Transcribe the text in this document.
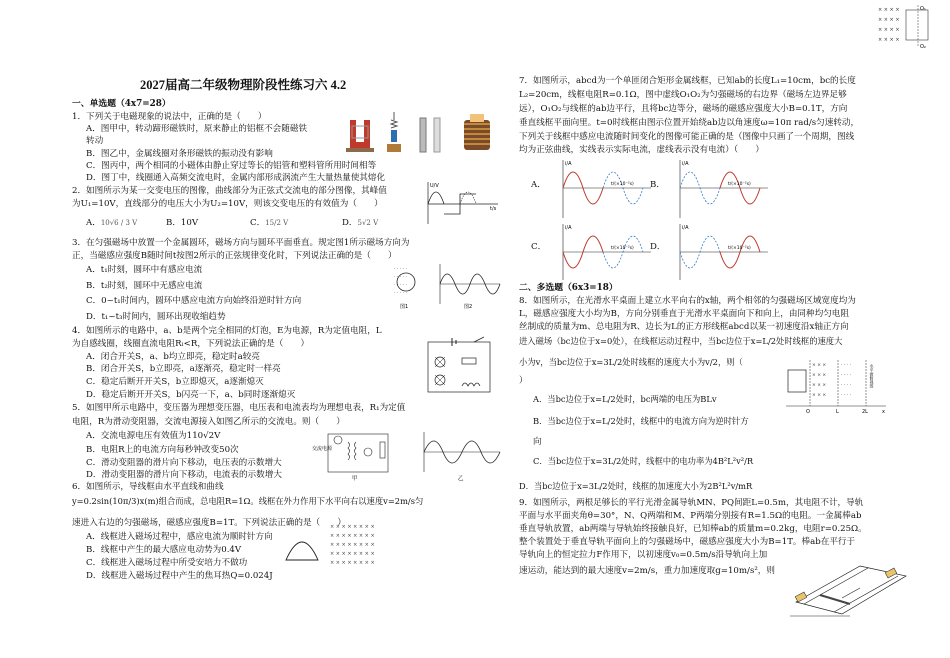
× × × ×
× × × ×
× × × ×
× × × ×
O₁
O₂
2027届高二年级物理阶段性练习六 4.2
一、单选题（4x7=28）
1．下列关于电磁现象的说法中，正确的是（　　）
A．图甲中，转动蹄形磁铁时，原来静止的铝框不会随磁铁
转动
B．图乙中，金属线圈对条形磁铁的振动没有影响
C．图丙中，两个相同的小磁体由静止穿过等长的铝管和塑料管所用时间相等
D．图丁中，线圈通入高频交流电时，金属内部形成涡流产生大量热量使其熔化
2．如图所示为某一交变电压的图像，曲线部分为正弦式交流电的部分图像，其峰值
为U₁=10V，直线部分的电压大小为U₂=10V，则该交变电压的有效值为（　　）
A．10√6 / 3 V	B．10V	C．15/2 V	D．5√2 V
U/V
t/s
3．在匀强磁场中放置一个金属圆环，磁场方向与圆环平面垂直。规定图1所示磁场方向为
正，当磁感应强度B随时间t按图2所示的正弦规律变化时，下列说法正确的是（　　）
A．t₁时刻，圆环中有感应电流
B．t₂时刻，圆环中无感应电流
C．0~t₁时间内，圆环中感应电流方向始终沿逆时针方向
D．t₁~t₃时间内，圆环出现收缩趋势
· · · · ·
· · · · ·
· · · · ·
· · · · ·
图1	图2
4．如图所示的电路中，a、b是两个完全相同的灯泡，E为电源，R为定值电阻，L
为自感线圈，线圈直流电阻Rₗ<R，下列说法正确的是（　　）
A．闭合开关S，a、b均立即亮，稳定时a较亮
B．闭合开关S，b立即亮，a逐渐亮，稳定时一样亮
C．稳定后断开开关S，b立即熄灭，a逐渐熄灭
D．稳定后断开开关S，b闪亮一下，a、b同时逐渐熄灭
5．如图甲所示电路中，变压器为理想变压器，电压表和电流表均为理想电表，R₁为定值
电阻，R为滑动变阻器，交流电源接入如图乙所示的交流电。则（　　）
A．交流电源电压有效值为110√2V
B．电阻R上的电流方向每秒钟改变50次
C．滑动变阻器的滑片向下移动，电压表的示数增大
D．滑动变阻器的滑片向下移动，电流表的示数增大
交流电源
甲	乙
6．如图所示，导线框由水平直线和曲线
y=0.2sin(10π/3)x(m)组合而成，总电阻R=1Ω。线框在外力作用下水平向右以速度v=2m/s匀
速进入右边的匀强磁场，磁感应强度B=1T。下列说法正确的是（　　）
A．线框进入磁场过程中，感应电流为顺时针方向
B．线框中产生的最大感应电动势为0.4V
C．线框进入磁场过程中所受安培力不做功
D．线框进入磁场过程中产生的焦耳热Q=0.024J
× × × × × × × ×
× × × × × × × ×
× × × × × × × ×
× × × × × × × ×
× × × × × × × ×
7．如图所示，abcd为一个单匝闭合矩形金属线框，已知ab的长度L₁=10cm，bc的长度
L₂=20cm，线框电阻R=0.1Ω，图中虚线O₁O₂为匀强磁场的右边界（磁场左边界足够
远），O₁O₂与线框的ab边平行，且将bc边等分，磁场的磁感应强度大小B=0.1T，方向
垂直线框平面向里。t=0时线框由图示位置开始绕ab边以角速度ω=10π rad/s匀速转动，
下列关于线框中感应电流随时间变化的图像可能正确的是（图像中只画了一个周期，图线
均为正弦曲线，实线表示实际电流，虚线表示没有电流）（　　）
A．
i/A
t/(×10⁻²s) B．
i/A
t/(×10⁻²s)
C．
i/A
t/(×10⁻²s) D．
i/A
t/(×10⁻²s)
二、多选题（6x3=18）
8．如图所示，在光滑水平桌面上建立水平向右的x轴，两个相邻的匀强磁场区域宽度均为
L，磁感应强度大小均为B，方向分别垂直于光滑水平桌面向下和向上，由同种均匀电阻
丝制成的质量为m、总电阻为R、边长为L的正方形线框abcd以某一初速度沿x轴正方向
进入磁场（bc边位于x=0处），在线框运动过程中，当bc边位于x=L/2处时线框的速度大
小为v，当bc边位于x=3L/2处时线框的速度大小为v/2，则（
）
A．当bc边位于x=L/2处时，bc两端的电压为BLv
B．当bc边位于x=L/2处时，线框中的电流方向为逆时针方
向
C．当bc边位于x=3L/2处时，线框中的电功率为4B²L²v²/R
D．当bc边位于x=3L/2处时，线框的加速度大小为2B²L²v/mR
× × ×
× × ×
× × ×
× × ×
· · · ·
· · · ·
· · · ·
· · · ·
O	L	2L	x
水平面俯视图
9．如图所示，两根足够长的平行光滑金属导轨MN、PQ间距L=0.5m，其电阻不计，导轨
平面与水平面夹角θ=30°，N、Q两端和M、P两端分别接有R=1.5Ω的电阻。一金属棒ab
垂直导轨放置，ab两端与导轨始终接触良好，已知棒ab的质量m=0.2kg，电阻r=0.25Ω。
整个装置处于垂直导轨平面向上的匀强磁场中，磁感应强度大小为B=1T。棒ab在平行于
导轨向上的恒定拉力F作用下，以初速度v₀=0.5m/s沿导轨向上加
速运动，能达到的最大速度v=2m/s，重力加速度取g=10m/s²，则
